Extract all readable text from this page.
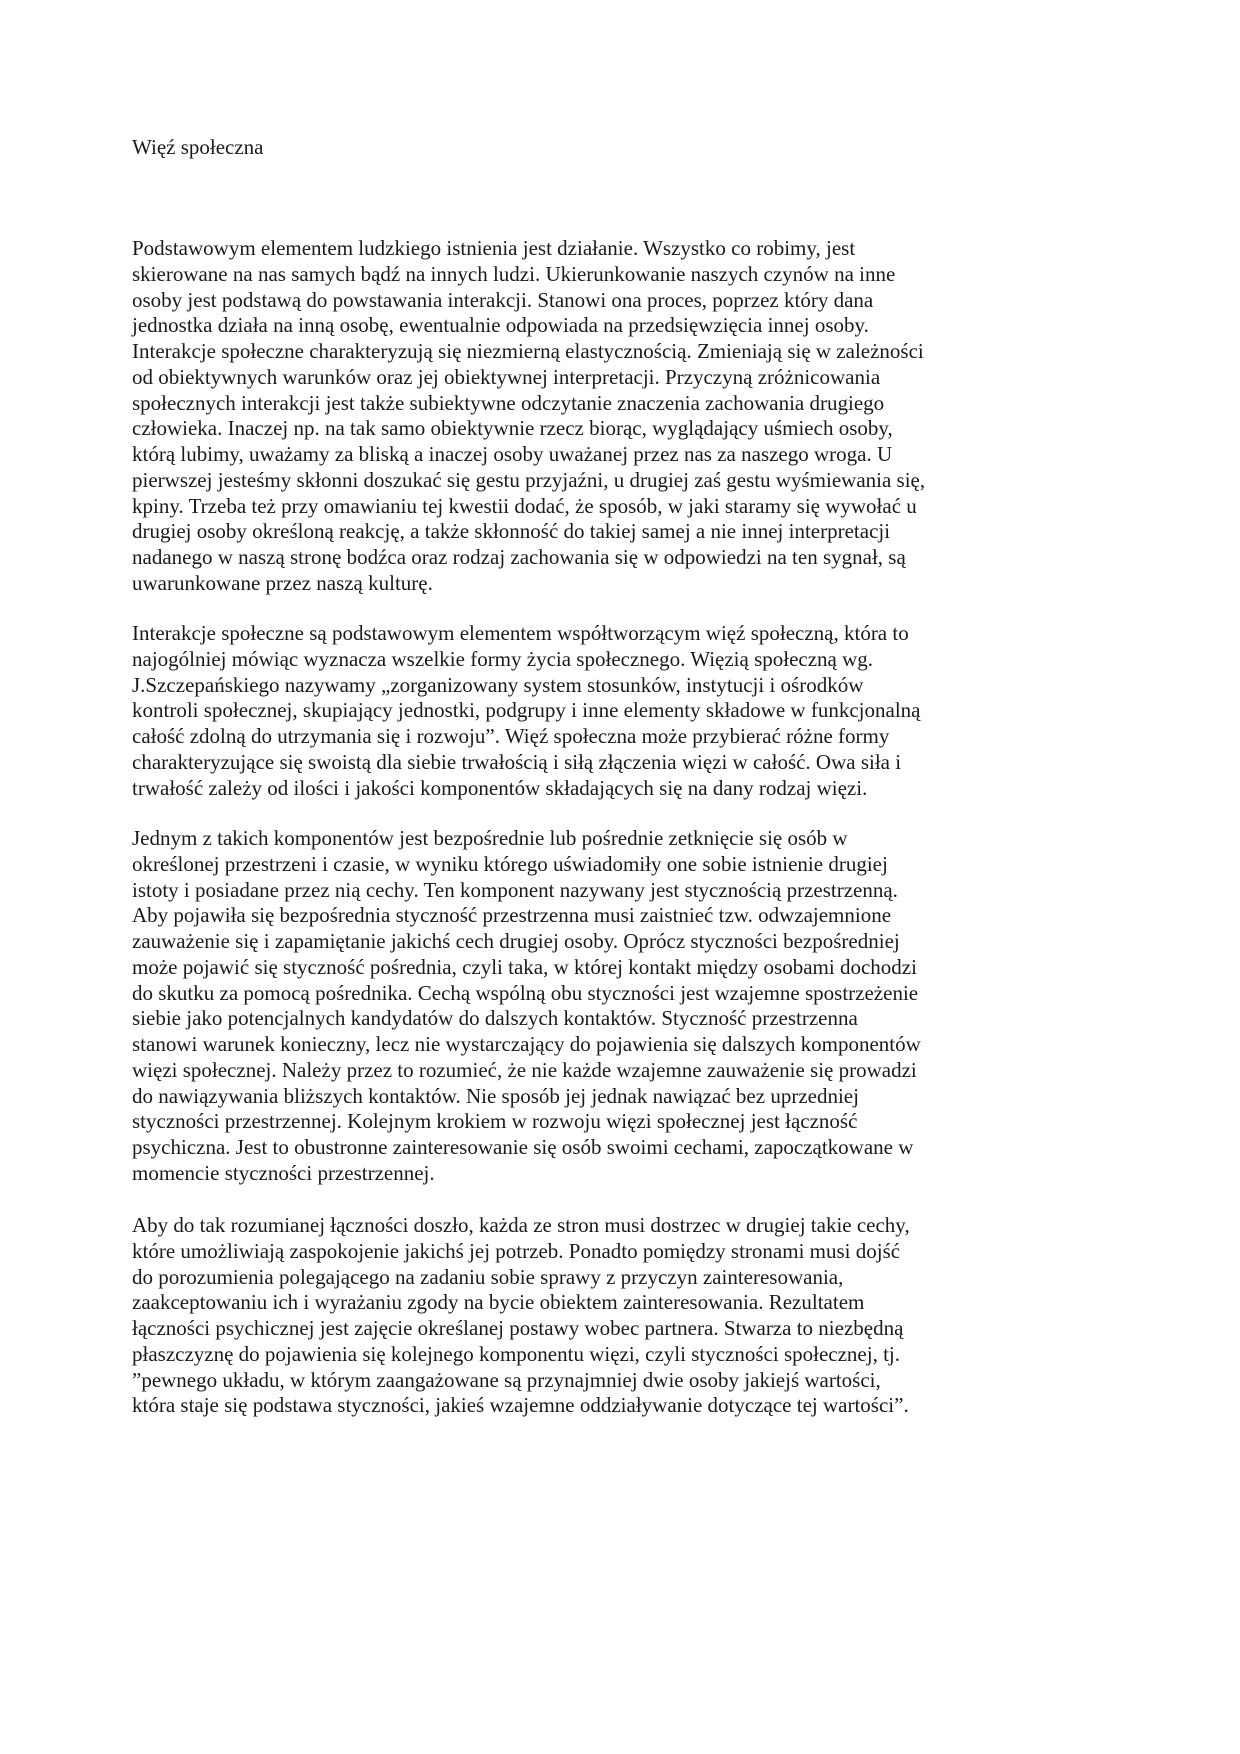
Więź społeczna
Podstawowym elementem ludzkiego istnienia jest działanie. Wszystko co robimy, jest
skierowane na nas samych bądź na innych ludzi. Ukierunkowanie naszych czynów na inne
osoby jest podstawą do powstawania interakcji. Stanowi ona proces, poprzez który dana
jednostka działa na inną osobę, ewentualnie odpowiada na przedsięwzięcia innej osoby.
Interakcje społeczne charakteryzują się niezmierną elastycznością. Zmieniają się w zależności
od obiektywnych warunków oraz jej obiektywnej interpretacji. Przyczyną zróżnicowania
społecznych interakcji jest także subiektywne odczytanie znaczenia zachowania drugiego
człowieka. Inaczej np. na tak samo obiektywnie rzecz biorąc, wyglądający uśmiech osoby,
którą lubimy, uważamy za bliską a inaczej osoby uważanej przez nas za naszego wroga. U
pierwszej jesteśmy skłonni doszukać się gestu przyjaźni, u drugiej zaś gestu wyśmiewania się,
kpiny. Trzeba też przy omawianiu tej kwestii dodać, że sposób, w jaki staramy się wywołać u
drugiej osoby określoną reakcję, a także skłonność do takiej samej a nie innej interpretacji
nadanego w naszą stronę bodźca oraz rodzaj zachowania się w odpowiedzi na ten sygnał, są
uwarunkowane przez naszą kulturę.
Interakcje społeczne są podstawowym elementem współtworzącym więź społeczną, która to
najogólniej mówiąc wyznacza wszelkie formy życia społecznego. Więzią społeczną wg.
J.Szczepańskiego nazywamy „zorganizowany system stosunków, instytucji i ośrodków
kontroli społecznej, skupiający jednostki, podgrupy i inne elementy składowe w funkcjonalną
całość zdolną do utrzymania się i rozwoju”. Więź społeczna może przybierać różne formy
charakteryzujące się swoistą dla siebie trwałością i siłą złączenia więzi w całość. Owa siła i
trwałość zależy od ilości i jakości komponentów składających się na dany rodzaj więzi.
Jednym z takich komponentów jest bezpośrednie lub pośrednie zetknięcie się osób w
określonej przestrzeni i czasie, w wyniku którego uświadomiły one sobie istnienie drugiej
istoty i posiadane przez nią cechy. Ten komponent nazywany jest stycznością przestrzenną.
Aby pojawiła się bezpośrednia styczność przestrzenna musi zaistnieć tzw. odwzajemnione
zauważenie się i zapamiętanie jakichś cech drugiej osoby. Oprócz styczności bezpośredniej
może pojawić się styczność pośrednia, czyli taka, w której kontakt między osobami dochodzi
do skutku za pomocą pośrednika. Cechą wspólną obu styczności jest wzajemne spostrzeżenie
siebie jako potencjalnych kandydatów do dalszych kontaktów. Styczność przestrzenna
stanowi warunek konieczny, lecz nie wystarczający do pojawienia się dalszych komponentów
więzi społecznej. Należy przez to rozumieć, że nie każde wzajemne zauważenie się prowadzi
do nawiązywania bliższych kontaktów. Nie sposób jej jednak nawiązać bez uprzedniej
styczności przestrzennej. Kolejnym krokiem w rozwoju więzi społecznej jest łączność
psychiczna. Jest to obustronne zainteresowanie się osób swoimi cechami, zapoczątkowane w
momencie styczności przestrzennej.
Aby do tak rozumianej łączności doszło, każda ze stron musi dostrzec w drugiej takie cechy,
które umożliwiają zaspokojenie jakichś jej potrzeb. Ponadto pomiędzy stronami musi dojść
do porozumienia polegającego na zadaniu sobie sprawy z przyczyn zainteresowania,
zaakceptowaniu ich i wyrażaniu zgody na bycie obiektem zainteresowania. Rezultatem
łączności psychicznej jest zajęcie określanej postawy wobec partnera. Stwarza to niezbędną
płaszczyznę do pojawienia się kolejnego komponentu więzi, czyli styczności społecznej, tj.
”pewnego układu, w którym zaangażowane są przynajmniej dwie osoby jakiejś wartości,
która staje się podstawa styczności, jakieś wzajemne oddziaływanie dotyczące tej wartości”.
